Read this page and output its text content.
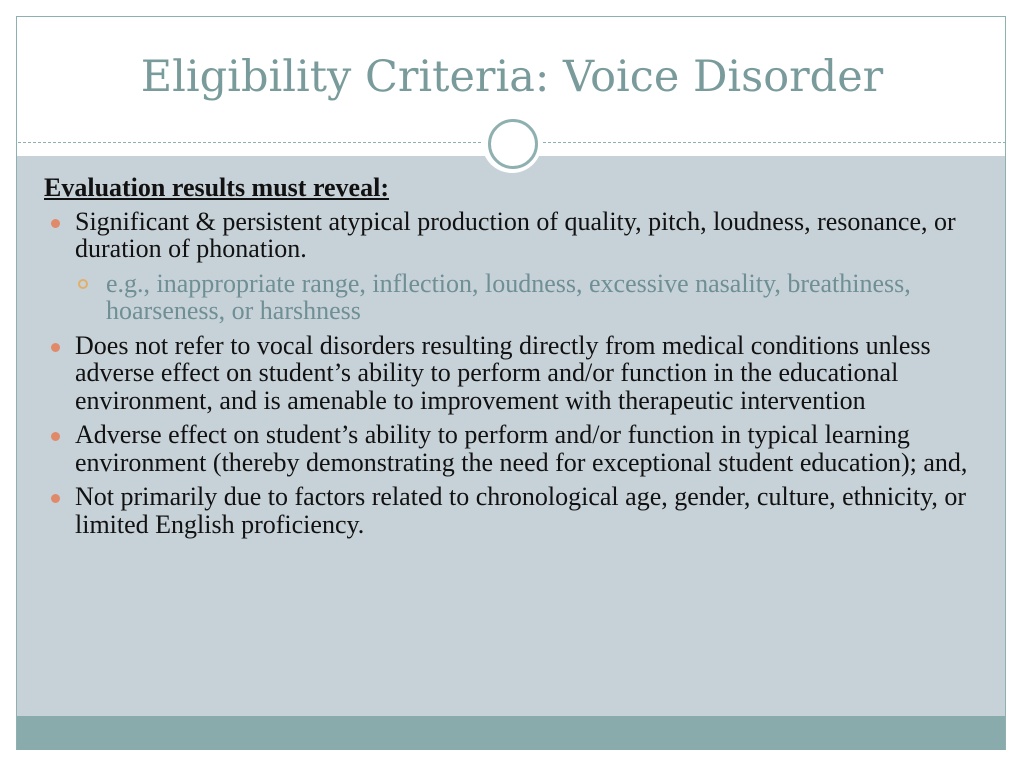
Eligibility Criteria: Voice Disorder
Evaluation results must reveal:
Significant & persistent atypical production of quality, pitch, loudness, resonance, or duration of phonation.
e.g., inappropriate range, inflection, loudness, excessive nasality, breathiness, hoarseness, or harshness
Does not refer to vocal disorders resulting directly from medical conditions unless adverse effect on student’s ability to perform and/or function in the educational environment, and is amenable to improvement with therapeutic intervention
Adverse effect on student’s ability to perform and/or function in typical learning environment (thereby demonstrating the need for exceptional student education); and,
Not primarily due to factors related to chronological age, gender, culture, ethnicity, or limited English proficiency.
